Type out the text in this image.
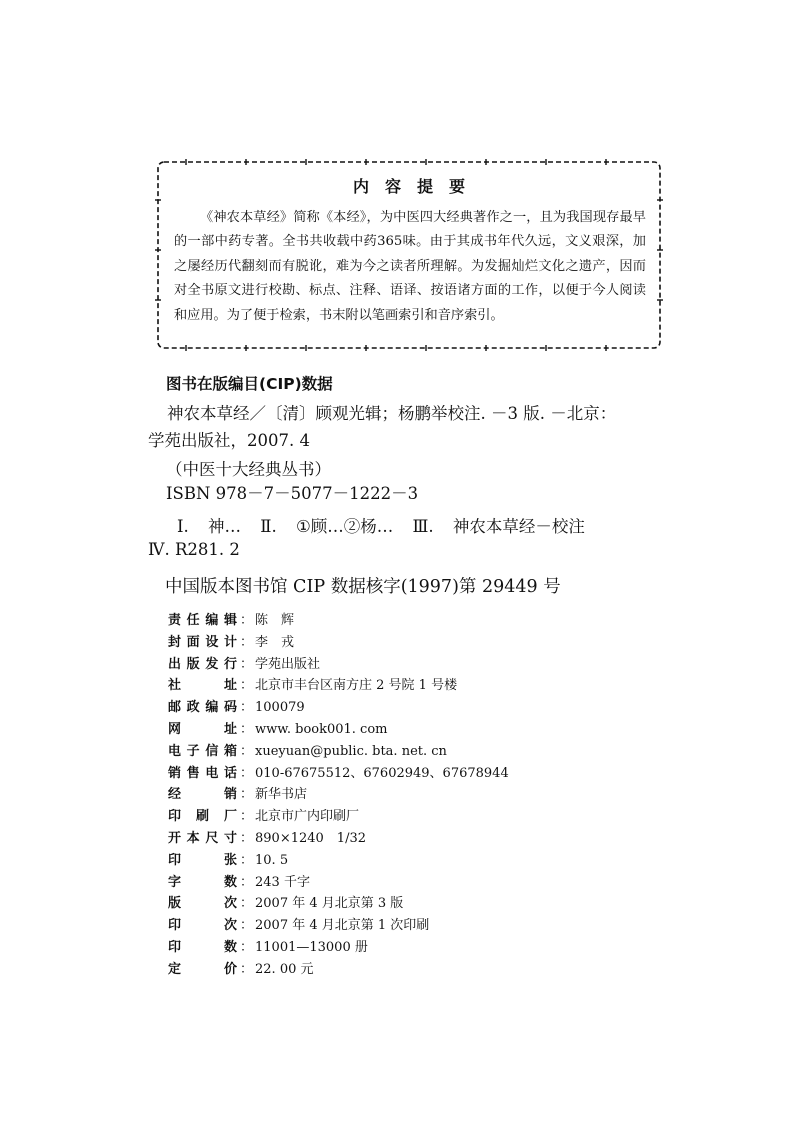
内容提要
《神农本草经》简称《本经》，为中医四大经典著作之一，且为我国现存最早的一部中药专著。全书共收载中药365味。由于其成书年代久远，文义艰深，加之屡经历代翻刻而有脱讹，难为今之读者所理解。为发掘灿烂文化之遗产，因而对全书原文进行校勘、标点、注释、语译、按语诸方面的工作，以便于今人阅读和应用。为了便于检索，书末附以笔画索引和音序索引。
图书在版编目(CIP)数据
神农本草经／〔清〕顾观光辑；杨鹏举校注. －3 版. －北京：
学苑出版社，2007. 4
（中医十大经典丛书）
ISBN 978－7－5077－1222－3
Ⅰ. 神… Ⅱ. ①顾…②杨… Ⅲ. 神农本草经－校注
Ⅳ. R281. 2
中国版本图书馆 CIP 数据核字(1997)第 29449 号
责任编辑 ： 陈　辉
封面设计 ： 李　戎
出版发行 ： 学苑出版社
社址 ： 北京市丰台区南方庄 2 号院 1 号楼
邮政编码 ： 100079
网址 ： www. book001. com
电子信箱 ： xueyuan@public. bta. net. cn
销售电话 ： 010-67675512、67602949、67678944
经销 ： 新华书店
印刷厂 ： 北京市广内印刷厂
开本尺寸 ： 890×1240　1/32
印张 ： 10. 5
字数 ： 243 千字
版次 ： 2007 年 4 月北京第 3 版
印次 ： 2007 年 4 月北京第 1 次印刷
印数 ： 11001—13000 册
定价 ： 22. 00 元
